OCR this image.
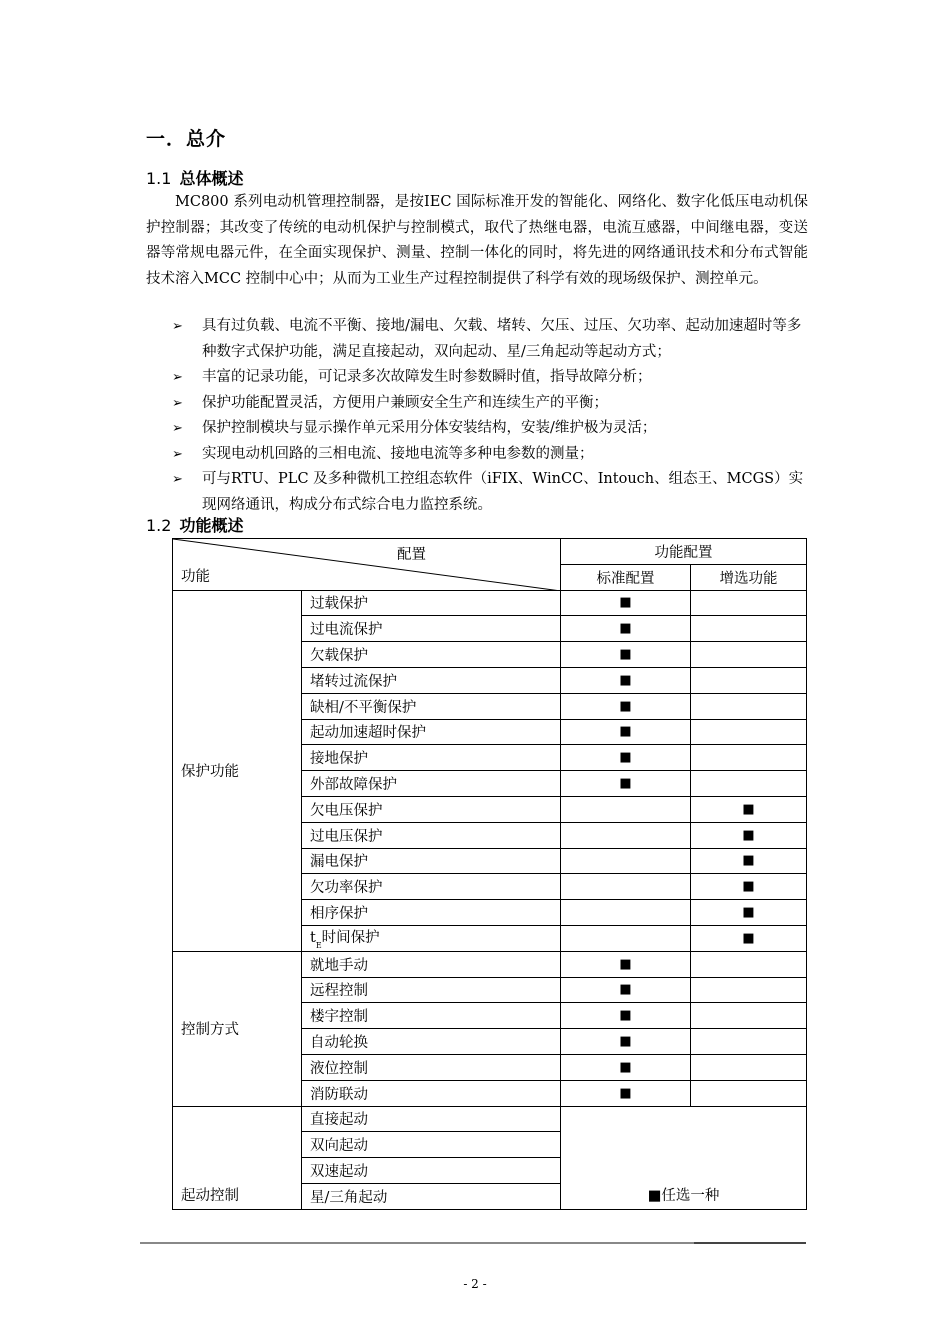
一．总介
1.1 总体概述

MC800 系列电动机管理控制器，是按IEC 国际标准开发的智能化、网络化、数字化低压电动机保护控制器；其改变了传统的电动机保护与控制模式，取代了热继电器，电流互感器，中间继电器，变送器等常规电器元件，在全面实现保护、测量、控制一体化的同时，将先进的网络通讯技术和分布式智能技术溶入MCC 控制中心中；从而为工业生产过程控制提供了科学有效的现场级保护、测控单元。

➢ 具有过负载、电流不平衡、接地/漏电、欠载、堵转、欠压、过压、欠功率、起动加速超时等多种数字式保护功能，满足直接起动，双向起动、星/三角起动等起动方式；
➢ 丰富的记录功能，可记录多次故障发生时参数瞬时值，指导故障分析；
➢ 保护功能配置灵活，方便用户兼顾安全生产和连续生产的平衡；
➢ 保护控制模块与显示操作单元采用分体安装结构，安装/维护极为灵活；
➢ 实现电动机回路的三相电流、接地电流等多种电参数的测量；
➢ 可与RTU、PLC 及多种微机工控组态软件（iFIX、WinCC、Intouch、组态王、MCGS）实现网络通讯，构成分布式综合电力监控系统。
1.2 功能概述
配置
功能		功能配置	
		标准配置	增选功能
保护功能	过载保护	■	
	过电流保护	■	
	欠载保护	■	
	堵转过流保护	■	
	缺相/不平衡保护	■	
	起动加速超时保护	■	
	接地保护	■	
	外部故障保护	■	
	欠电压保护		■
	过电压保护		■
	漏电保护		■
	欠功率保护		■
	相序保护		■
	$t_E$时间保护		■
控制方式	就地手动	■	
	远程控制	■	
	楼宇控制	■	
	自动轮换	■	
	液位控制	■	
	消防联动	■	
起动控制	直接起动	■任选一种	
	双向起动		
	双速起动		
	星/三角起动		
- 2 -
